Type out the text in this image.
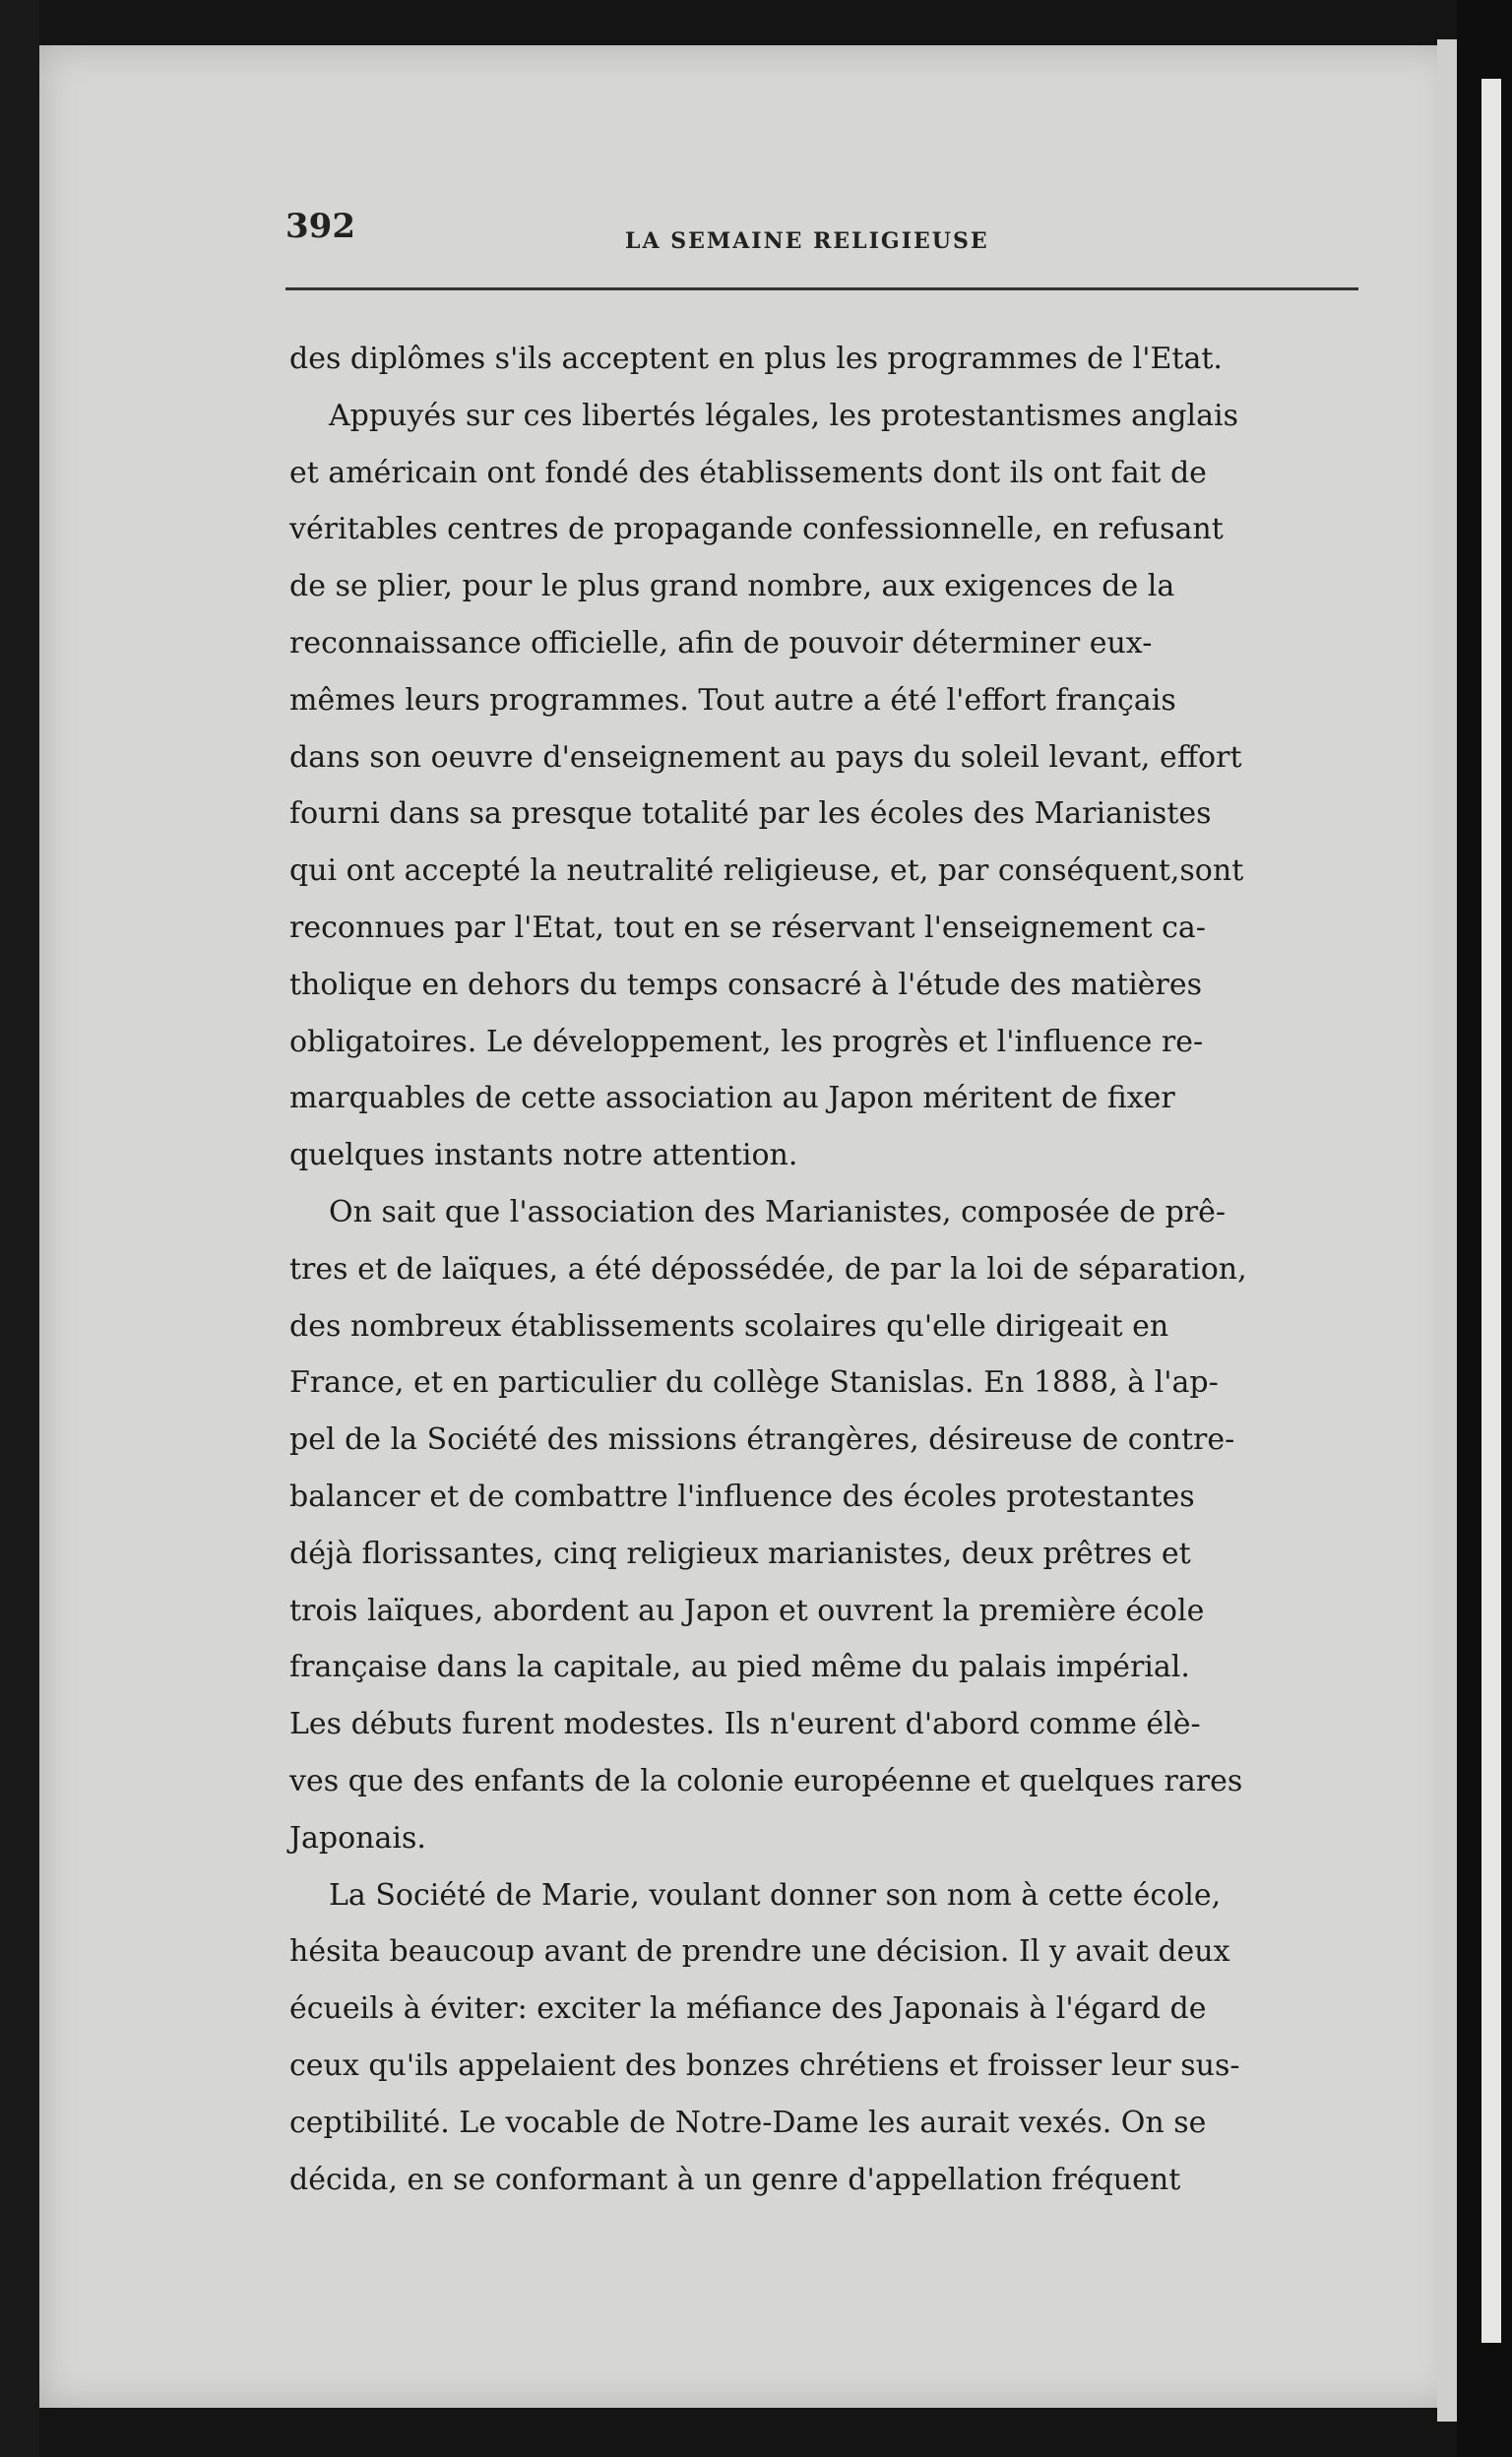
392	LA SEMAINE RELIGIEUSE
des diplômes s'ils acceptent en plus les programmes de l'Etat.
Appuyés sur ces libertés légales, les protestantismes anglais
et américain ont fondé des établissements dont ils ont fait de
véritables centres de propagande confessionnelle, en refusant
de se plier, pour le plus grand nombre, aux exigences de la
reconnaissance officielle, afin de pouvoir déterminer eux-
mêmes leurs programmes. Tout autre a été l'effort français
dans son oeuvre d'enseignement au pays du soleil levant, effort
fourni dans sa presque totalité par les écoles des Marianistes
qui ont accepté la neutralité religieuse, et, par conséquent,sont
reconnues par l'Etat, tout en se réservant l'enseignement ca-
tholique en dehors du temps consacré à l'étude des matières
obligatoires. Le développement, les progrès et l'influence re-
marquables de cette association au Japon méritent de fixer
quelques instants notre attention.
On sait que l'association des Marianistes, composée de prê-
tres et de laïques, a été dépossédée, de par la loi de séparation,
des nombreux établissements scolaires qu'elle dirigeait en
France, et en particulier du collège Stanislas. En 1888, à l'ap-
pel de la Société des missions étrangères, désireuse de contre-
balancer et de combattre l'influence des écoles protestantes
déjà florissantes, cinq religieux marianistes, deux prêtres et
trois laïques, abordent au Japon et ouvrent la première école
française dans la capitale, au pied même du palais impérial.
Les débuts furent modestes. Ils n'eurent d'abord comme élè-
ves que des enfants de la colonie européenne et quelques rares
Japonais.
La Société de Marie, voulant donner son nom à cette école,
hésita beaucoup avant de prendre une décision. Il y avait deux
écueils à éviter: exciter la méfiance des Japonais à l'égard de
ceux qu'ils appelaient des bonzes chrétiens et froisser leur sus-
ceptibilité. Le vocable de Notre-Dame les aurait vexés. On se
décida, en se conformant à un genre d'appellation fréquent
